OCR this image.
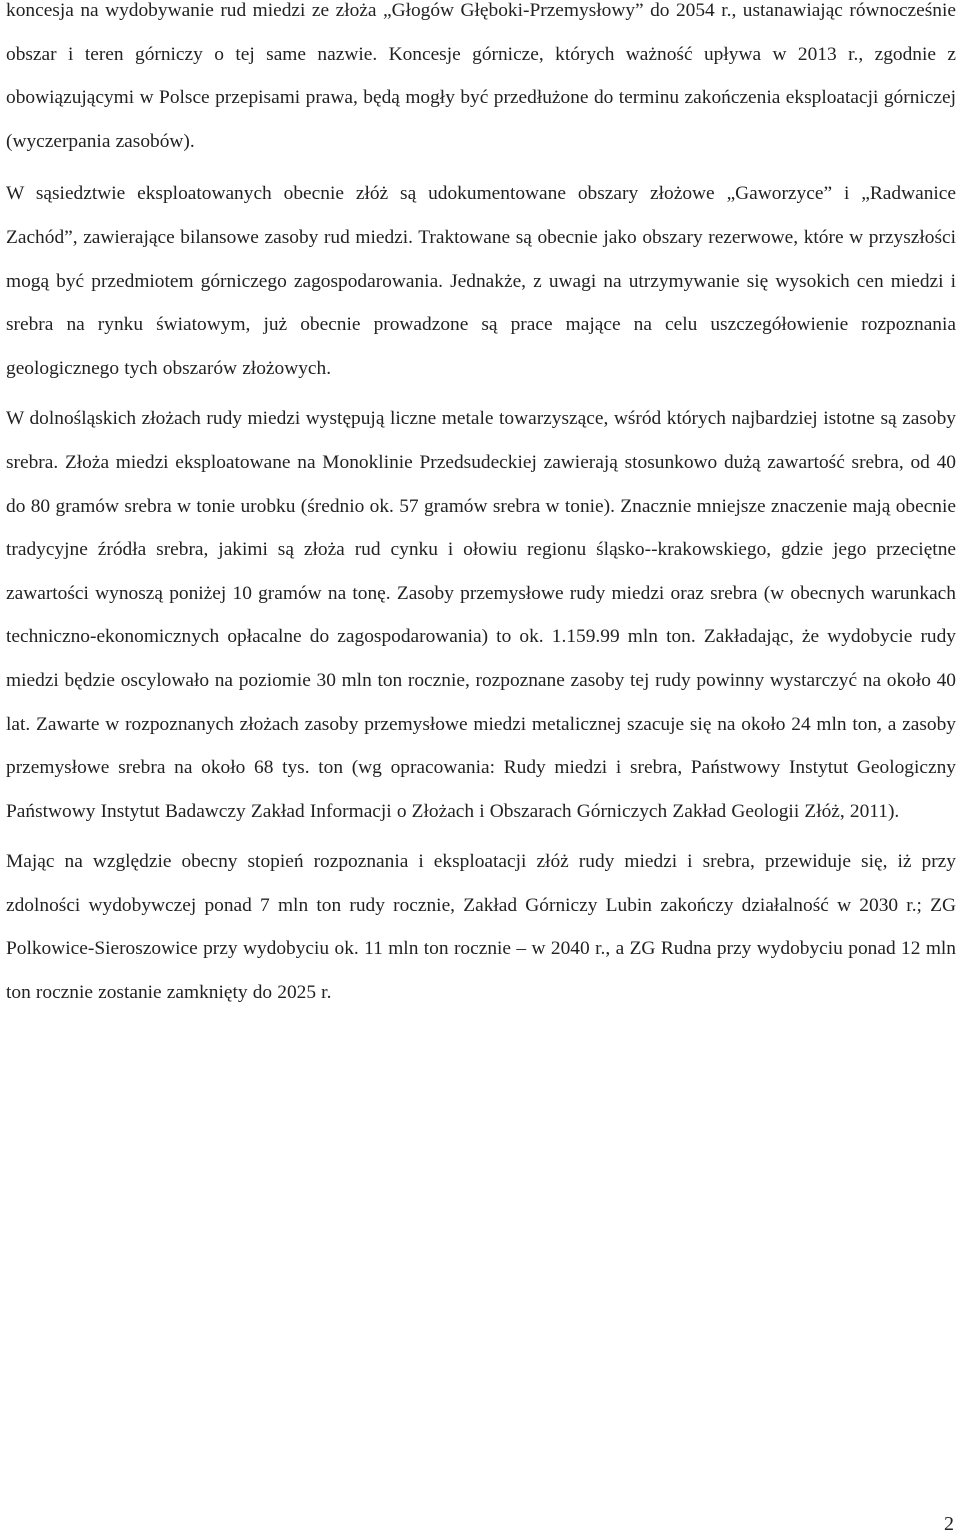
koncesja na wydobywanie rud miedzi ze złoża „Głogów Głęboki-Przemysłowy” do 2054 r., ustanawiając równocześnie obszar i teren górniczy o tej same nazwie. Koncesje górnicze, których ważność upływa w 2013 r., zgodnie z obowiązującymi w Polsce przepisami prawa, będą mogły być przedłużone do terminu zakończenia eksploatacji górniczej (wyczerpania zasobów).

W sąsiedztwie eksploatowanych obecnie złóż są udokumentowane obszary złożowe „Gaworzyce” i „Radwanice Zachód”, zawierające bilansowe zasoby rud miedzi. Traktowane są obecnie jako obszary rezerwowe, które w przyszłości mogą być przedmiotem górniczego zagospodarowania. Jednakże, z uwagi na utrzymywanie się wysokich cen miedzi i srebra na rynku światowym, już obecnie prowadzone są prace mające na celu uszczegółowienie rozpoznania geologicznego tych obszarów złożowych.

W dolnośląskich złożach rudy miedzi występują liczne metale towarzyszące, wśród których najbardziej istotne są zasoby srebra. Złoża miedzi eksploatowane na Monoklinie Przedsudeckiej zawierają stosunkowo dużą zawartość srebra, od 40 do 80 gramów srebra w tonie urobku (średnio ok. 57 gramów srebra w tonie). Znacznie mniejsze znaczenie mają obecnie tradycyjne źródła srebra, jakimi są złoża rud cynku i ołowiu regionu śląsko--krakowskiego, gdzie jego przeciętne zawartości wynoszą poniżej 10 gramów na tonę. Zasoby przemysłowe rudy miedzi oraz srebra (w obecnych warunkach techniczno-ekonomicznych opłacalne do zagospodarowania) to ok. 1.159.99 mln ton. Zakładając, że wydobycie rudy miedzi będzie oscylowało na poziomie 30 mln ton rocznie, rozpoznane zasoby tej rudy powinny wystarczyć na około 40 lat. Zawarte w rozpoznanych złożach zasoby przemysłowe miedzi metalicznej szacuje się na około 24 mln ton, a zasoby przemysłowe srebra na około 68 tys. ton (wg opracowania: Rudy miedzi i srebra, Państwowy Instytut Geologiczny Państwowy Instytut Badawczy Zakład Informacji o Złożach i Obszarach Górniczych Zakład Geologii Złóż, 2011).

Mając na względzie obecny stopień rozpoznania i eksploatacji złóż rudy miedzi i srebra, przewiduje się, iż przy zdolności wydobywczej ponad 7 mln ton rudy rocznie, Zakład Górniczy Lubin zakończy działalność w 2030 r.; ZG Polkowice-Sieroszowice przy wydobyciu ok. 11 mln ton rocznie – w 2040 r., a ZG Rudna przy wydobyciu ponad 12 mln ton rocznie zostanie zamknięty do 2025 r.

2
